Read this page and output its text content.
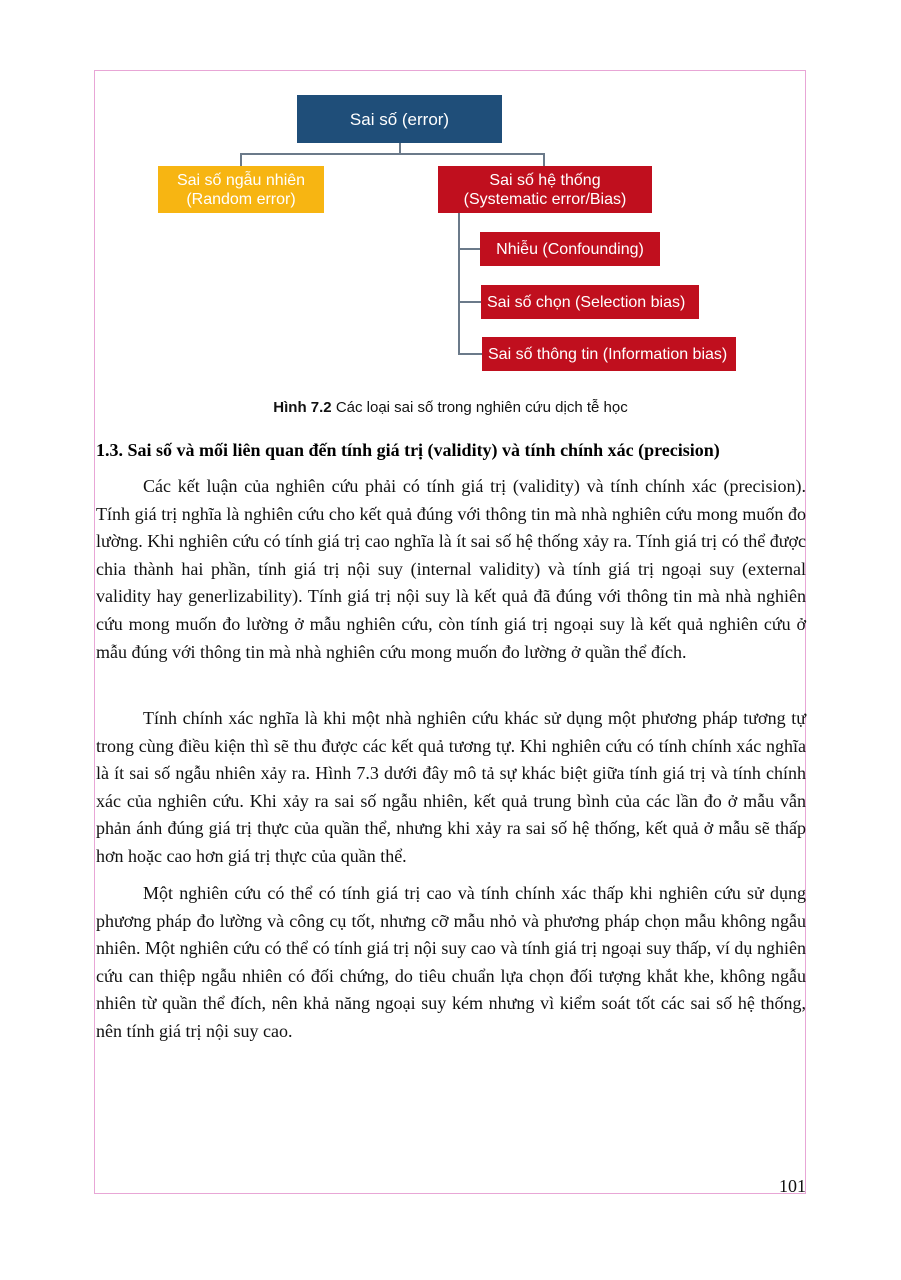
Sai số (error)
Sai số ngẫu nhiên
(Random error)
Sai số hệ thống
(Systematic error/Bias)
Nhiễu (Confounding)
Sai số chọn (Selection bias)
Sai số thông tin (Information bias)
Hình 7.2 Các loại sai số trong nghiên cứu dịch tễ học
1.3. Sai số và mối liên quan đến tính giá trị (validity) và tính chính xác (precision)

Các kết luận của nghiên cứu phải có tính giá trị (validity) và tính chính xác (precision). Tính giá trị nghĩa là nghiên cứu cho kết quả đúng với thông tin mà nhà nghiên cứu mong muốn đo lường. Khi nghiên cứu có tính giá trị cao nghĩa là ít sai số hệ thống xảy ra. Tính giá trị có thể được chia thành hai phần, tính giá trị nội suy (internal validity) và tính giá trị ngoại suy (external validity hay generlizability). Tính giá trị nội suy là kết quả đã đúng với thông tin mà nhà nghiên cứu mong muốn đo lường ở mẫu nghiên cứu, còn tính giá trị ngoại suy là kết quả nghiên cứu ở mẫu đúng với thông tin mà nhà nghiên cứu mong muốn đo lường ở quần thể đích.

Tính chính xác nghĩa là khi một nhà nghiên cứu khác sử dụng một phương pháp tương tự trong cùng điều kiện thì sẽ thu được các kết quả tương tự. Khi nghiên cứu có tính chính xác nghĩa là ít sai số ngẫu nhiên xảy ra. Hình 7.3 dưới đây mô tả sự khác biệt giữa tính giá trị và tính chính xác của nghiên cứu. Khi xảy ra sai số ngẫu nhiên, kết quả trung bình của các lần đo ở mẫu vẫn phản ánh đúng giá trị thực của quần thể, nhưng khi xảy ra sai số hệ thống, kết quả ở mẫu sẽ thấp hơn hoặc cao hơn giá trị thực của quần thể.

Một nghiên cứu có thể có tính giá trị cao và tính chính xác thấp khi nghiên cứu sử dụng phương pháp đo lường và công cụ tốt, nhưng cỡ mẫu nhỏ và phương pháp chọn mẫu không ngẫu nhiên. Một nghiên cứu có thể có tính giá trị nội suy cao và tính giá trị ngoại suy thấp, ví dụ nghiên cứu can thiệp ngẫu nhiên có đối chứng, do tiêu chuẩn lựa chọn đối tượng khắt khe, không ngẫu nhiên từ quần thể đích, nên khả năng ngoại suy kém nhưng vì kiểm soát tốt các sai số hệ thống, nên tính giá trị nội suy cao.

101
